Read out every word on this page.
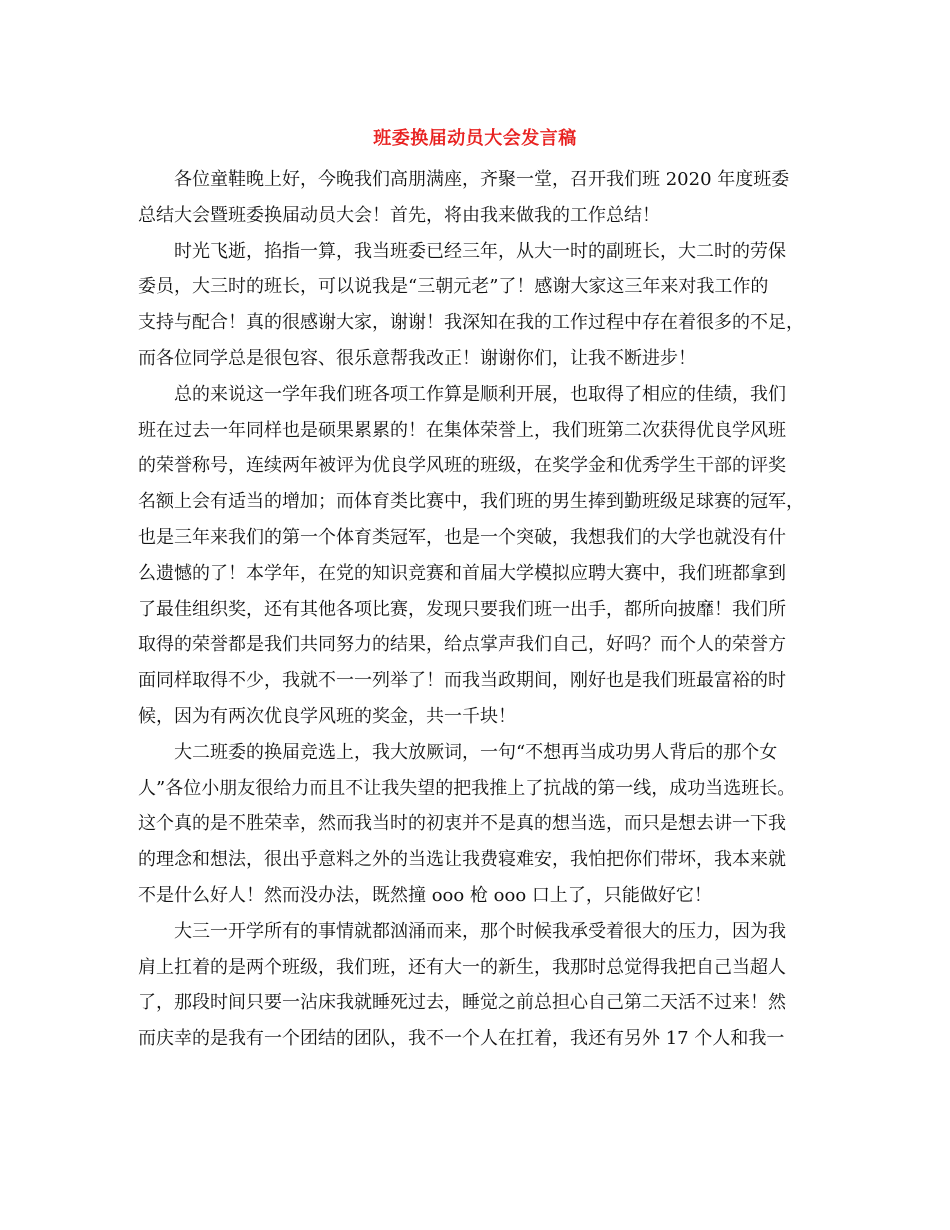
班委换届动员大会发言稿
各位童鞋晚上好，今晚我们高朋满座，齐聚一堂，召开我们班 2020 年度班委
总结大会暨班委换届动员大会！首先，将由我来做我的工作总结！
时光飞逝，掐指一算，我当班委已经三年，从大一时的副班长，大二时的劳保
委员，大三时的班长，可以说我是“三朝元老”了！感谢大家这三年来对我工作的
支持与配合！真的很感谢大家，谢谢！我深知在我的工作过程中存在着很多的不足，
而各位同学总是很包容、很乐意帮我改正！谢谢你们，让我不断进步！
总的来说这一学年我们班各项工作算是顺利开展，也取得了相应的佳绩，我们
班在过去一年同样也是硕果累累的！在集体荣誉上，我们班第二次获得优良学风班
的荣誉称号，连续两年被评为优良学风班的班级，在奖学金和优秀学生干部的评奖
名额上会有适当的增加；而体育类比赛中，我们班的男生捧到勤班级足球赛的冠军，
也是三年来我们的第一个体育类冠军，也是一个突破，我想我们的大学也就没有什
么遗憾的了！本学年，在党的知识竞赛和首届大学模拟应聘大赛中，我们班都拿到
了最佳组织奖，还有其他各项比赛，发现只要我们班一出手，都所向披靡！我们所
取得的荣誉都是我们共同努力的结果，给点掌声我们自己，好吗？而个人的荣誉方
面同样取得不少，我就不一一列举了！而我当政期间，刚好也是我们班最富裕的时
候，因为有两次优良学风班的奖金，共一千块！
大二班委的换届竞选上，我大放厥词，一句“不想再当成功男人背后的那个女
人”各位小朋友很给力而且不让我失望的把我推上了抗战的第一线，成功当选班长。
这个真的是不胜荣幸，然而我当时的初衷并不是真的想当选，而只是想去讲一下我
的理念和想法，很出乎意料之外的当选让我费寝难安，我怕把你们带坏，我本来就
不是什么好人！然而没办法，既然撞 ooo 枪 ooo 口上了，只能做好它！
大三一开学所有的事情就都汹涌而来，那个时候我承受着很大的压力，因为我
肩上扛着的是两个班级，我们班，还有大一的新生，我那时总觉得我把自己当超人
了，那段时间只要一沾床我就睡死过去，睡觉之前总担心自己第二天活不过来！然
而庆幸的是我有一个团结的团队，我不一个人在扛着，我还有另外 17 个人和我一
